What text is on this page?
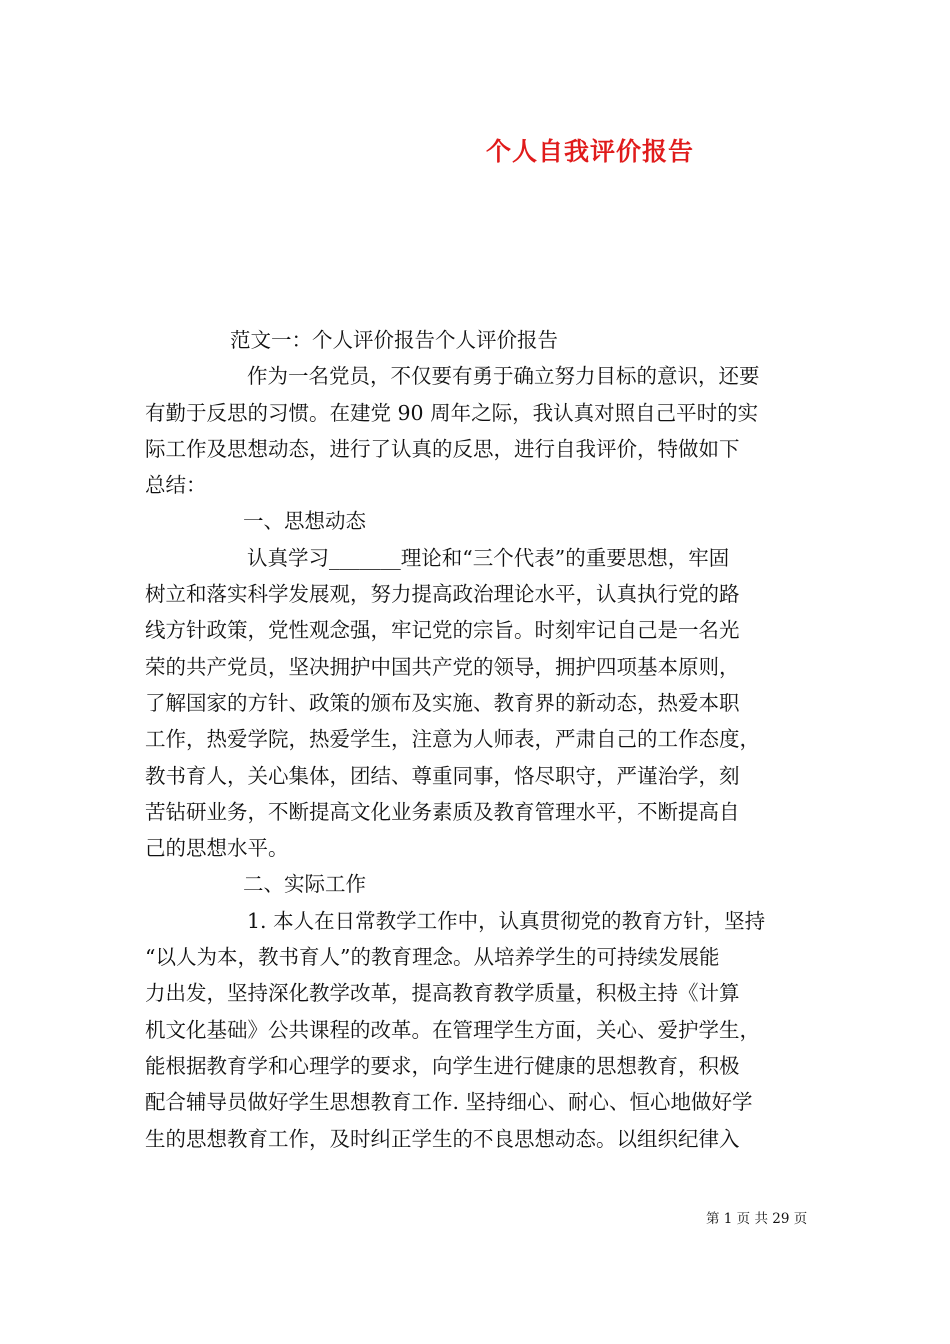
个人自我评价报告

范文一：个人评价报告个人评价报告

作为一名党员，不仅要有勇于确立努力目标的意识，还要
有勤于反思的习惯。在建党 90 周年之际，我认真对照自己平时的实
际工作及思想动态，进行了认真的反思，进行自我评价，特做如下
总结：

一、思想动态

认真学习_______理论和“三个代表”的重要思想，牢固
树立和落实科学发展观，努力提高政治理论水平，认真执行党的路
线方针政策，党性观念强，牢记党的宗旨。时刻牢记自己是一名光
荣的共产党员，坚决拥护中国共产党的领导，拥护四项基本原则，
了解国家的方针、政策的颁布及实施、教育界的新动态，热爱本职
工作，热爱学院，热爱学生，注意为人师表，严肃自己的工作态度，
教书育人，关心集体，团结、尊重同事，恪尽职守，严谨治学，刻
苦钻研业务，不断提高文化业务素质及教育管理水平，不断提高自
己的思想水平。

二、实际工作

1. 本人在日常教学工作中，认真贯彻党的教育方针，坚持
“以人为本，教书育人”的教育理念。从培养学生的可持续发展能
力出发，坚持深化教学改革，提高教育教学质量，积极主持《计算
机文化基础》公共课程的改革。在管理学生方面，关心、爱护学生，
能根据教育学和心理学的要求，向学生进行健康的思想教育，积极
配合辅导员做好学生思想教育工作. 坚持细心、耐心、恒心地做好学
生的思想教育工作，及时纠正学生的不良思想动态。以组织纪律入

第 1 页 共 29 页
